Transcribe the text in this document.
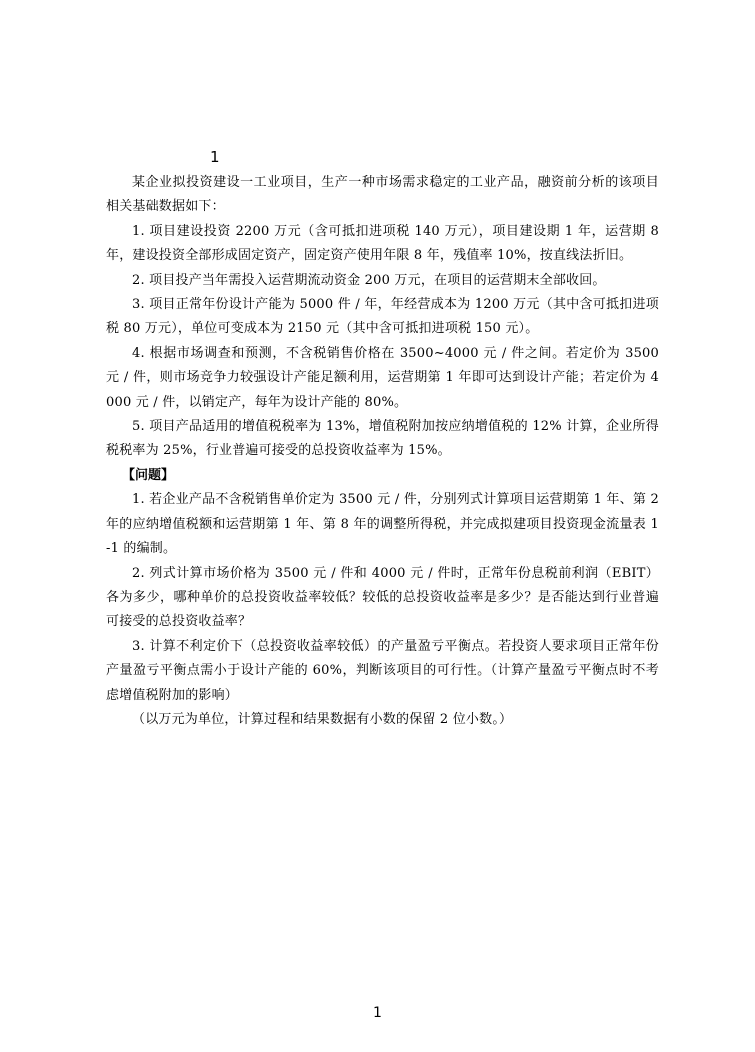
1

某企业拟投资建设一工业项目，生产一种市场需求稳定的工业产品，融资前分析的该项目相关基础数据如下：

1. 项目建设投资 2200 万元（含可抵扣进项税 140 万元），项目建设期 1 年，运营期 8 年，建设投资全部形成固定资产，固定资产使用年限 8 年，残值率 10%，按直线法折旧。

2. 项目投产当年需投入运营期流动资金 200 万元，在项目的运营期末全部收回。

3. 项目正常年份设计产能为 5000 件 / 年，年经营成本为 1200 万元（其中含可抵扣进项税 80 万元），单位可变成本为 2150 元（其中含可抵扣进项税 150 元）。

4. 根据市场调查和预测，不含税销售价格在 3500~4000 元 / 件之间。若定价为 3500 元 / 件，则市场竞争力较强设计产能足额利用，运营期第 1 年即可达到设计产能；若定价为 4000 元 / 件，以销定产，每年为设计产能的 80%。

5. 项目产品适用的增值税税率为 13%，增值税附加按应纳增值税的 12% 计算，企业所得税税率为 25%，行业普遍可接受的总投资收益率为 15%。

【问题】

1. 若企业产品不含税销售单价定为 3500 元 / 件，分别列式计算项目运营期第 1 年、第 2 年的应纳增值税额和运营期第 1 年、第 8 年的调整所得税，并完成拟建项目投资现金流量表 1-1 的编制。

2. 列式计算市场价格为 3500 元 / 件和 4000 元 / 件时，正常年份息税前利润（EBIT）各为多少，哪种单价的总投资收益率较低？较低的总投资收益率是多少？是否能达到行业普遍可接受的总投资收益率？

3. 计算不利定价下（总投资收益率较低）的产量盈亏平衡点。若投资人要求项目正常年份产量盈亏平衡点需小于设计产能的 60%，判断该项目的可行性。（计算产量盈亏平衡点时不考虑增值税附加的影响）

（以万元为单位，计算过程和结果数据有小数的保留 2 位小数。）

1
